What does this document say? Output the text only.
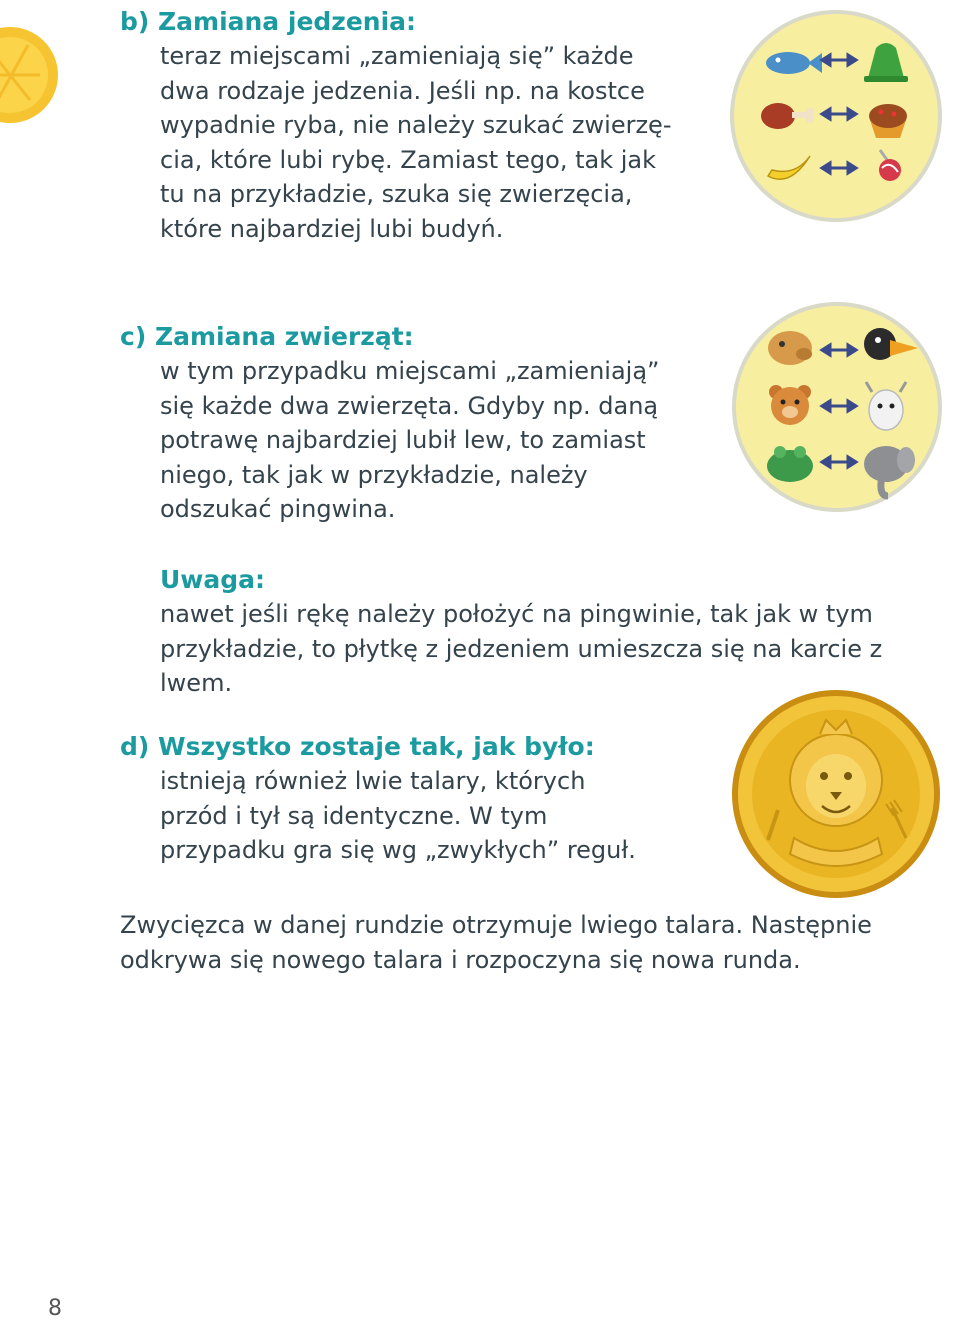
b) Zamiana jedzenia:
teraz miejscami „zamieniają się” każde
dwa rodzaje jedzenia. Jeśli np. na kostce
wypadnie ryba, nie należy szukać zwierzę-
cia, które lubi rybę. Zamiast tego, tak jak
tu na przykładzie, szuka się zwierzęcia,
które najbardziej lubi budyń.
c) Zamiana zwierząt:
w tym przypadku miejscami „zamieniają”
się każde dwa zwierzęta. Gdyby np. daną
potrawę najbardziej lubił lew, to zamiast
niego, tak jak w przykładzie, należy
odszukać pingwina.
Uwaga:
nawet jeśli rękę należy położyć na pingwinie, tak jak w tym
przykładzie, to płytkę z jedzeniem umieszcza się na karcie z
lwem.
d) Wszystko zostaje tak, jak było:
istnieją również lwie talary, których
przód i tył są identyczne. W tym
przypadku gra się wg „zwykłych” reguł.
Zwycięzca w danej rundzie otrzymuje lwiego talara. Następnie
odkrywa się nowego talara i rozpoczyna się nowa runda.
8
